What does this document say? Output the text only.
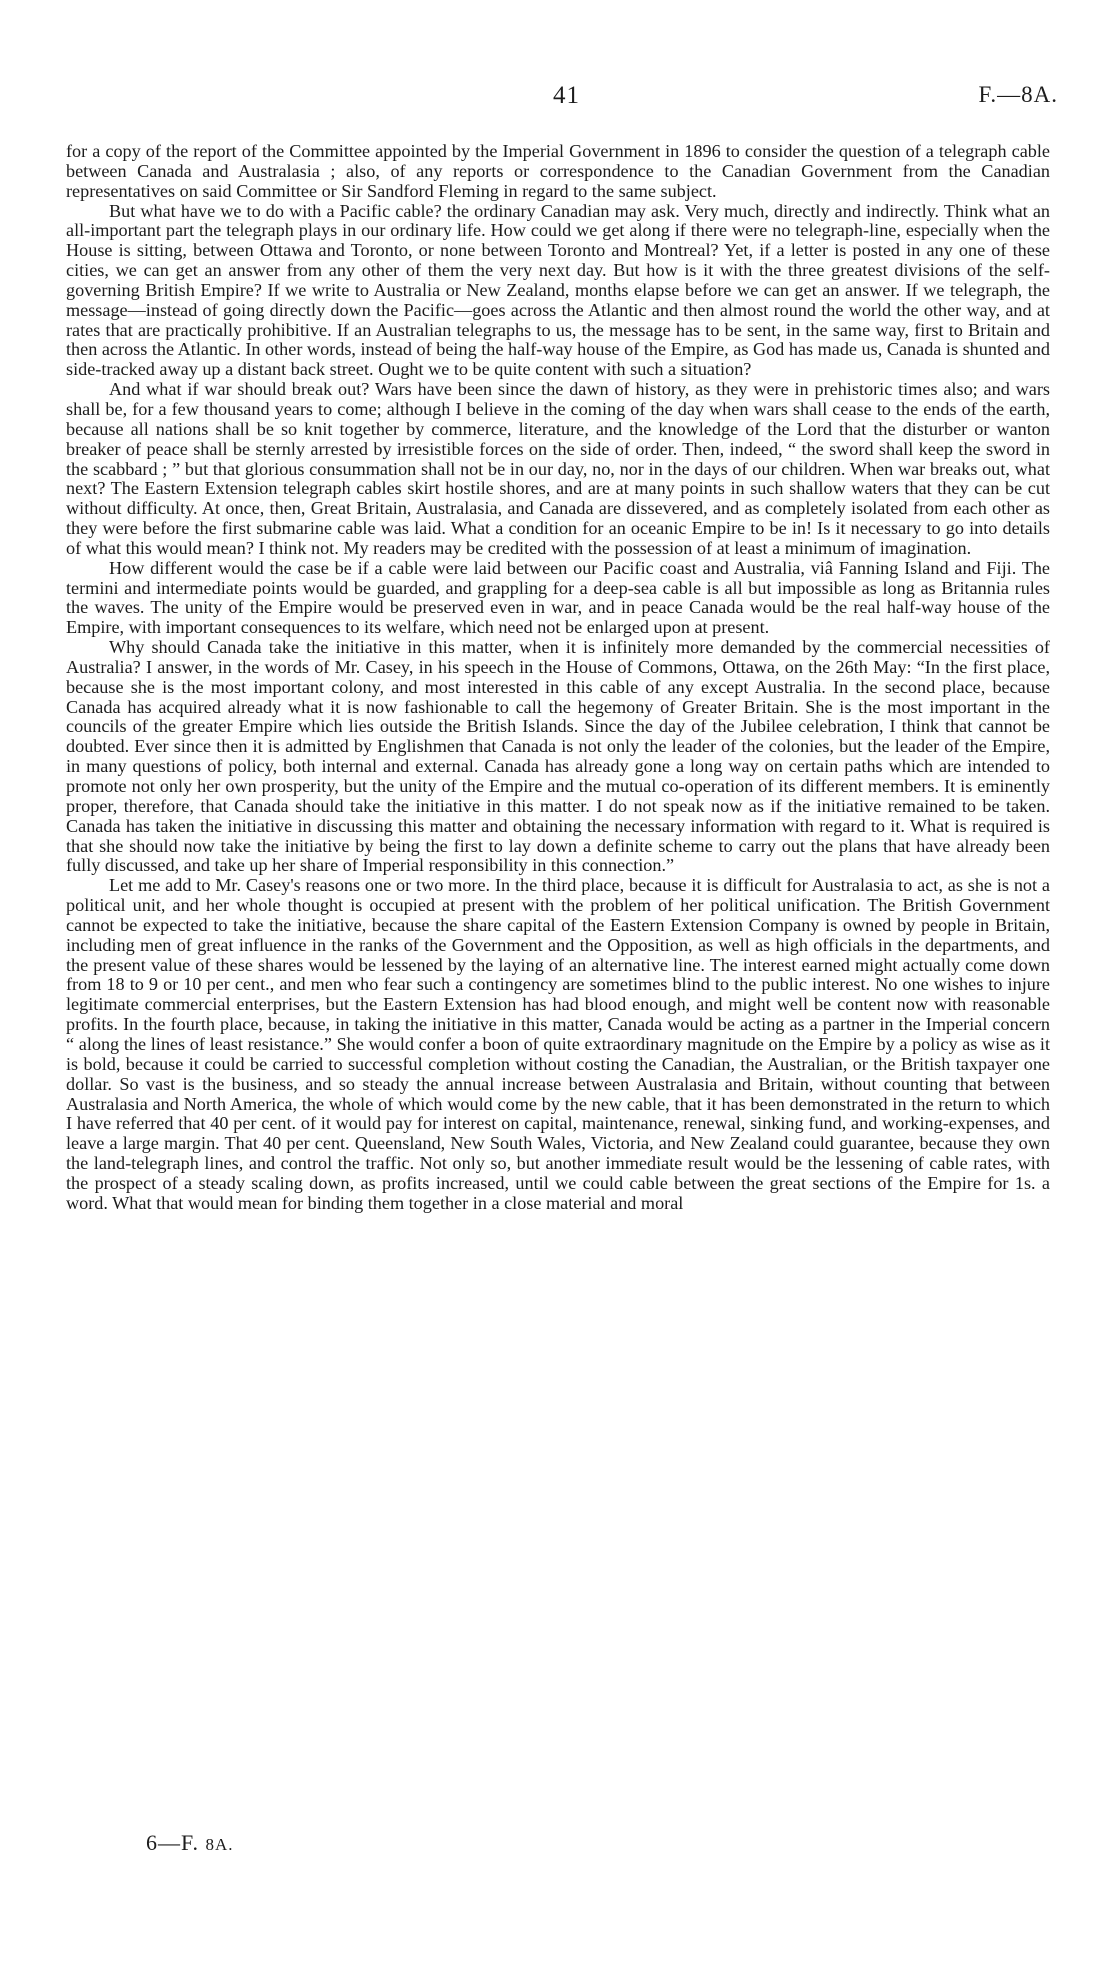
41	F.—8A.

for a copy of the report of the Committee appointed by the Imperial Government in 1896 to consider the question of a telegraph cable between Canada and Australasia ; also, of any reports or correspondence to the Canadian Government from the Canadian representatives on said Committee or Sir Sandford Fleming in regard to the same subject.

But what have we to do with a Pacific cable? the ordinary Canadian may ask. Very much, directly and indirectly. Think what an all-important part the telegraph plays in our ordinary life. How could we get along if there were no telegraph-line, especially when the House is sitting, between Ottawa and Toronto, or none between Toronto and Montreal? Yet, if a letter is posted in any one of these cities, we can get an answer from any other of them the very next day. But how is it with the three greatest divisions of the self-governing British Empire? If we write to Australia or New Zealand, months elapse before we can get an answer. If we telegraph, the message—instead of going directly down the Pacific—goes across the Atlantic and then almost round the world the other way, and at rates that are practically prohibitive. If an Australian telegraphs to us, the message has to be sent, in the same way, first to Britain and then across the Atlantic. In other words, instead of being the half-way house of the Empire, as God has made us, Canada is shunted and side-tracked away up a distant back street. Ought we to be quite content with such a situation?

And what if war should break out? Wars have been since the dawn of history, as they were in prehistoric times also; and wars shall be, for a few thousand years to come; although I believe in the coming of the day when wars shall cease to the ends of the earth, because all nations shall be so knit together by commerce, literature, and the knowledge of the Lord that the disturber or wanton breaker of peace shall be sternly arrested by irresistible forces on the side of order. Then, indeed, “ the sword shall keep the sword in the scabbard ; ” but that glorious consummation shall not be in our day, no, nor in the days of our children. When war breaks out, what next? The Eastern Extension telegraph cables skirt hostile shores, and are at many points in such shallow waters that they can be cut without difficulty. At once, then, Great Britain, Australasia, and Canada are dissevered, and as completely isolated from each other as they were before the first submarine cable was laid. What a condition for an oceanic Empire to be in! Is it necessary to go into details of what this would mean? I think not. My readers may be credited with the possession of at least a minimum of imagination.

How different would the case be if a cable were laid between our Pacific coast and Australia, viâ Fanning Island and Fiji. The termini and intermediate points would be guarded, and grappling for a deep-sea cable is all but impossible as long as Britannia rules the waves. The unity of the Empire would be preserved even in war, and in peace Canada would be the real half-way house of the Empire, with important consequences to its welfare, which need not be enlarged upon at present.

Why should Canada take the initiative in this matter, when it is infinitely more demanded by the commercial necessities of Australia? I answer, in the words of Mr. Casey, in his speech in the House of Commons, Ottawa, on the 26th May: “In the first place, because she is the most important colony, and most interested in this cable of any except Australia. In the second place, because Canada has acquired already what it is now fashionable to call the hegemony of Greater Britain. She is the most important in the councils of the greater Empire which lies outside the British Islands. Since the day of the Jubilee celebration, I think that cannot be doubted. Ever since then it is admitted by Englishmen that Canada is not only the leader of the colonies, but the leader of the Empire, in many questions of policy, both internal and external. Canada has already gone a long way on certain paths which are intended to promote not only her own prosperity, but the unity of the Empire and the mutual co-operation of its different members. It is eminently proper, therefore, that Canada should take the initiative in this matter. I do not speak now as if the initiative remained to be taken. Canada has taken the initiative in discussing this matter and obtaining the necessary information with regard to it. What is required is that she should now take the initiative by being the first to lay down a definite scheme to carry out the plans that have already been fully discussed, and take up her share of Imperial responsibility in this connection.”

Let me add to Mr. Casey's reasons one or two more. In the third place, because it is difficult for Australasia to act, as she is not a political unit, and her whole thought is occupied at present with the problem of her political unification. The British Government cannot be expected to take the initiative, because the share capital of the Eastern Extension Company is owned by people in Britain, including men of great influence in the ranks of the Government and the Opposition, as well as high officials in the departments, and the present value of these shares would be lessened by the laying of an alternative line. The interest earned might actually come down from 18 to 9 or 10 per cent., and men who fear such a contingency are sometimes blind to the public interest. No one wishes to injure legitimate commercial enterprises, but the Eastern Extension has had blood enough, and might well be content now with reasonable profits. In the fourth place, because, in taking the initiative in this matter, Canada would be acting as a partner in the Imperial concern “ along the lines of least resistance.” She would confer a boon of quite extraordinary magnitude on the Empire by a policy as wise as it is bold, because it could be carried to successful completion without costing the Canadian, the Australian, or the British taxpayer one dollar. So vast is the business, and so steady the annual increase between Australasia and Britain, without counting that between Australasia and North America, the whole of which would come by the new cable, that it has been demonstrated in the return to which I have referred that 40 per cent. of it would pay for interest on capital, maintenance, renewal, sinking fund, and working-expenses, and leave a large margin. That 40 per cent. Queensland, New South Wales, Victoria, and New Zealand could guarantee, because they own the land-telegraph lines, and control the traffic. Not only so, but another immediate result would be the lessening of cable rates, with the prospect of a steady scaling down, as profits increased, until we could cable between the great sections of the Empire for 1s. a word. What that would mean for binding them together in a close material and moral

6—F. 8A.
